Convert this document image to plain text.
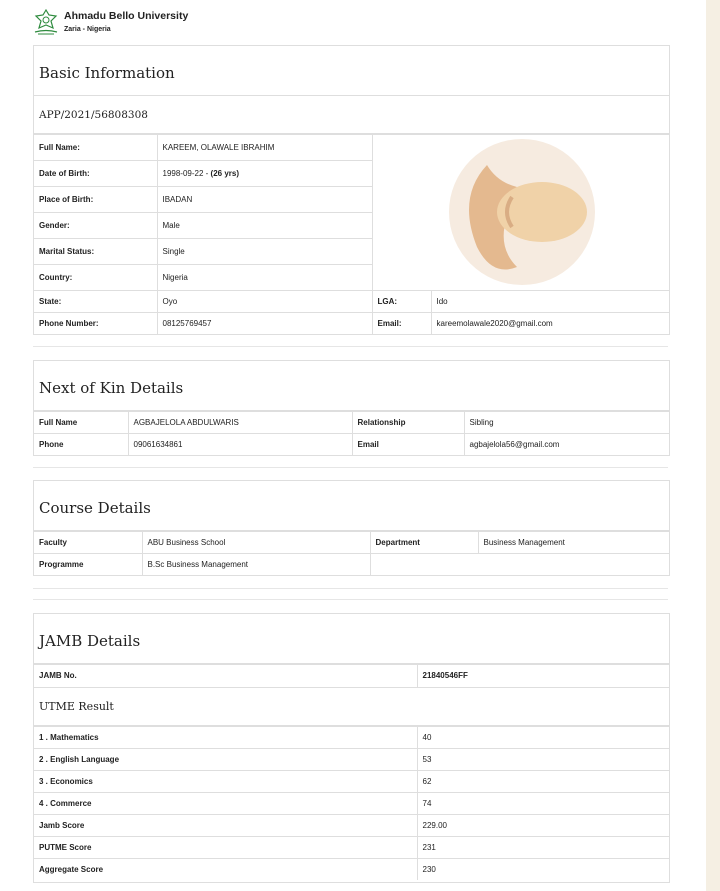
Ahmadu Bello University
Zaria - Nigeria
Basic Information
APP/2021/56808308
Full Name:	KAREEM, OLAWALE IBRAHIM	

Date of Birth:	1998-09-22 - (26 yrs)		
Place of Birth:	IBADAN		
Gender:	Male		
Marital Status:	Single		
Country:	Nigeria		
State:	Oyo	LGA:	Ido
Phone Number:	08125769457	Email:	kareemolawale2020@gmail.com
Next of Kin Details
Full Name	AGBAJELOLA ABDULWARIS	Relationship	Sibling
Phone	09061634861	Email	agbajelola56@gmail.com
Course Details
Faculty	ABU Business School	Department	Business Management
Programme	B.Sc Business Management		
JAMB Details
JAMB No.	21840546FF
UTME Result
1 . Mathematics	40
2 . English Language	53
3 . Economics	62
4 . Commerce	74
Jamb Score	229.00
PUTME Score	231
Aggregate Score	230
